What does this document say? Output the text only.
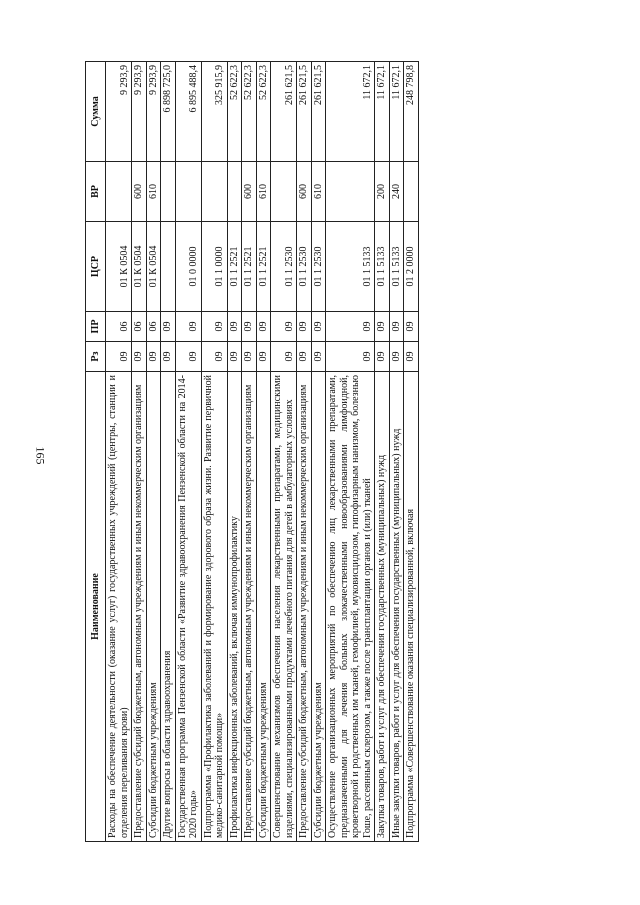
165
Наименование	Рз	ПР	ЦСР	ВР	Сумма
Расходы на обеспечение деятельности (оказание услуг) государственных учреждений (центры, станции и отделения переливания крови)	09	06	01 К 0504		9 293,9
Предоставление субсидий бюджетным, автономным учреждениям и иным некоммерческим организациям	09	06	01 К 0504	600	9 293,9
Субсидии бюджетным учреждениям	09	06	01 К 0504	610	9 293,9
Другие вопросы в области здравоохранения	09	09			6 898 725,0
Государственная программа Пензенской области «Развитие здравоохранения Пензенской области на 2014-2020 годы»	09	09	01 0 0000		6 895 488,4
Подпрограмма «Профилактика заболеваний и формирование здорового образа жизни. Развитие первичной медико-санитарной помощи»	09	09	01 1 0000		325 915,9
Профилактика инфекционных заболеваний, включая иммунопрофилактику	09	09	01 1 2521		52 622,3
Предоставление субсидий бюджетным, автономным учреждениям и иным некоммерческим организациям	09	09	01 1 2521	600	52 622,3
Субсидии бюджетным учреждениям	09	09	01 1 2521	610	52 622,3
Совершенствование механизмов обеспечения населения лекарственными препаратами, медицинскими изделиями, специализированными продуктами лечебного питания для детей в амбулаторных условиях	09	09	01 1 2530		261 621,5
Предоставление субсидий бюджетным, автономным учреждениям и иным некоммерческим организациям	09	09	01 1 2530	600	261 621,5
Субсидии бюджетным учреждениям	09	09	01 1 2530	610	261 621,5
Осуществление организационных мероприятий по обеспечению лиц лекарственными препаратами, предназначенными для лечения больных злокачественными новообразованиями лимфоидной, кроветворной и родственных им тканей, гемофилией, муковисцидозом, гипофизарным нанизмом, болезнью Гоше, рассеянным склерозом, а также после трансплантации органов и (или) тканей	09	09	01 1 5133		11 672,1
Закупка товаров, работ и услуг для обеспечения государственных (муниципальных) нужд	09	09	01 1 5133	200	11 672,1
Иные закупки товаров, работ и услуг для обеспечения государственных (муниципальных) нужд	09	09	01 1 5133	240	11 672,1
Подпрограмма «Совершенствование оказания специализированной, включая	09	09	01 2 0000		248 798,8
